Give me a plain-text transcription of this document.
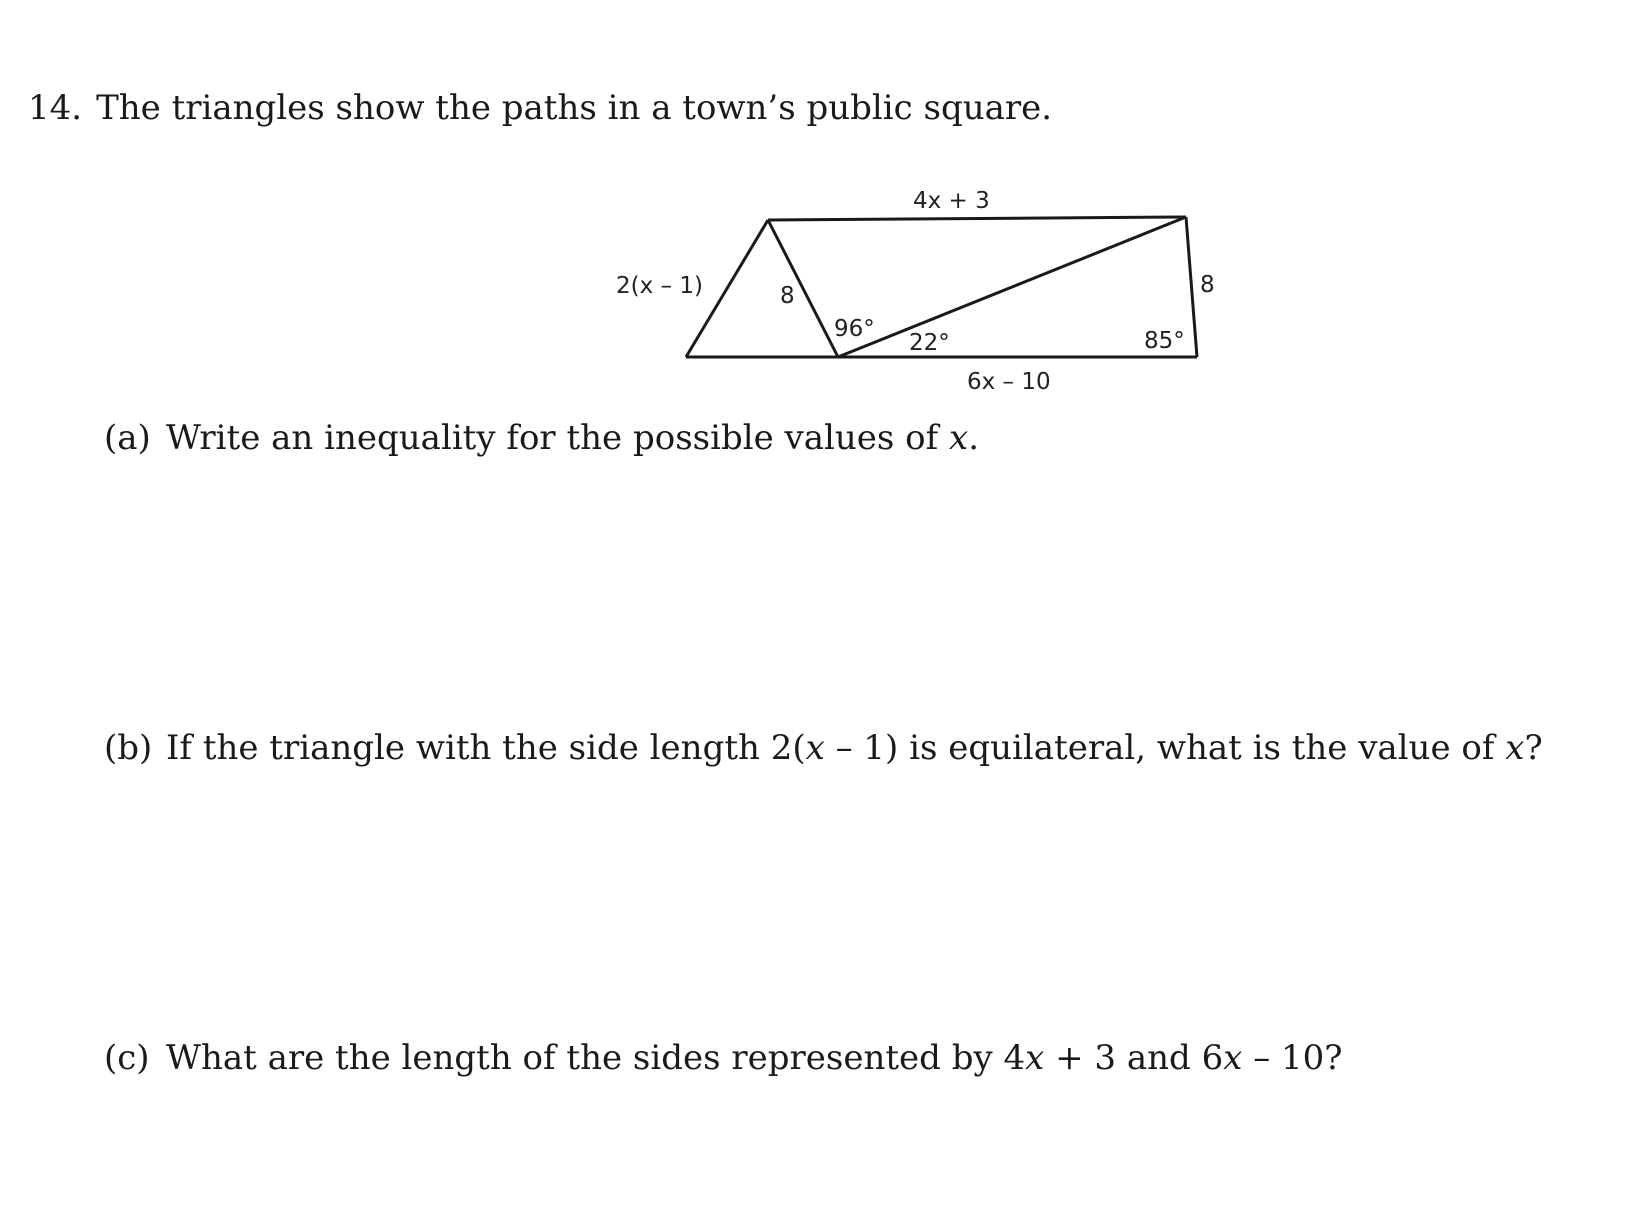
14. The triangles show the paths in a town’s public square.
4x + 3
2(x – 1)	8	8
96°
22°	85°
6x – 10
(a) Write an inequality for the possible values of x.
(b) If the triangle with the side length 2(x – 1) is equilateral, what is the value of x?
(c) What are the length of the sides represented by 4x + 3 and 6x – 10?
